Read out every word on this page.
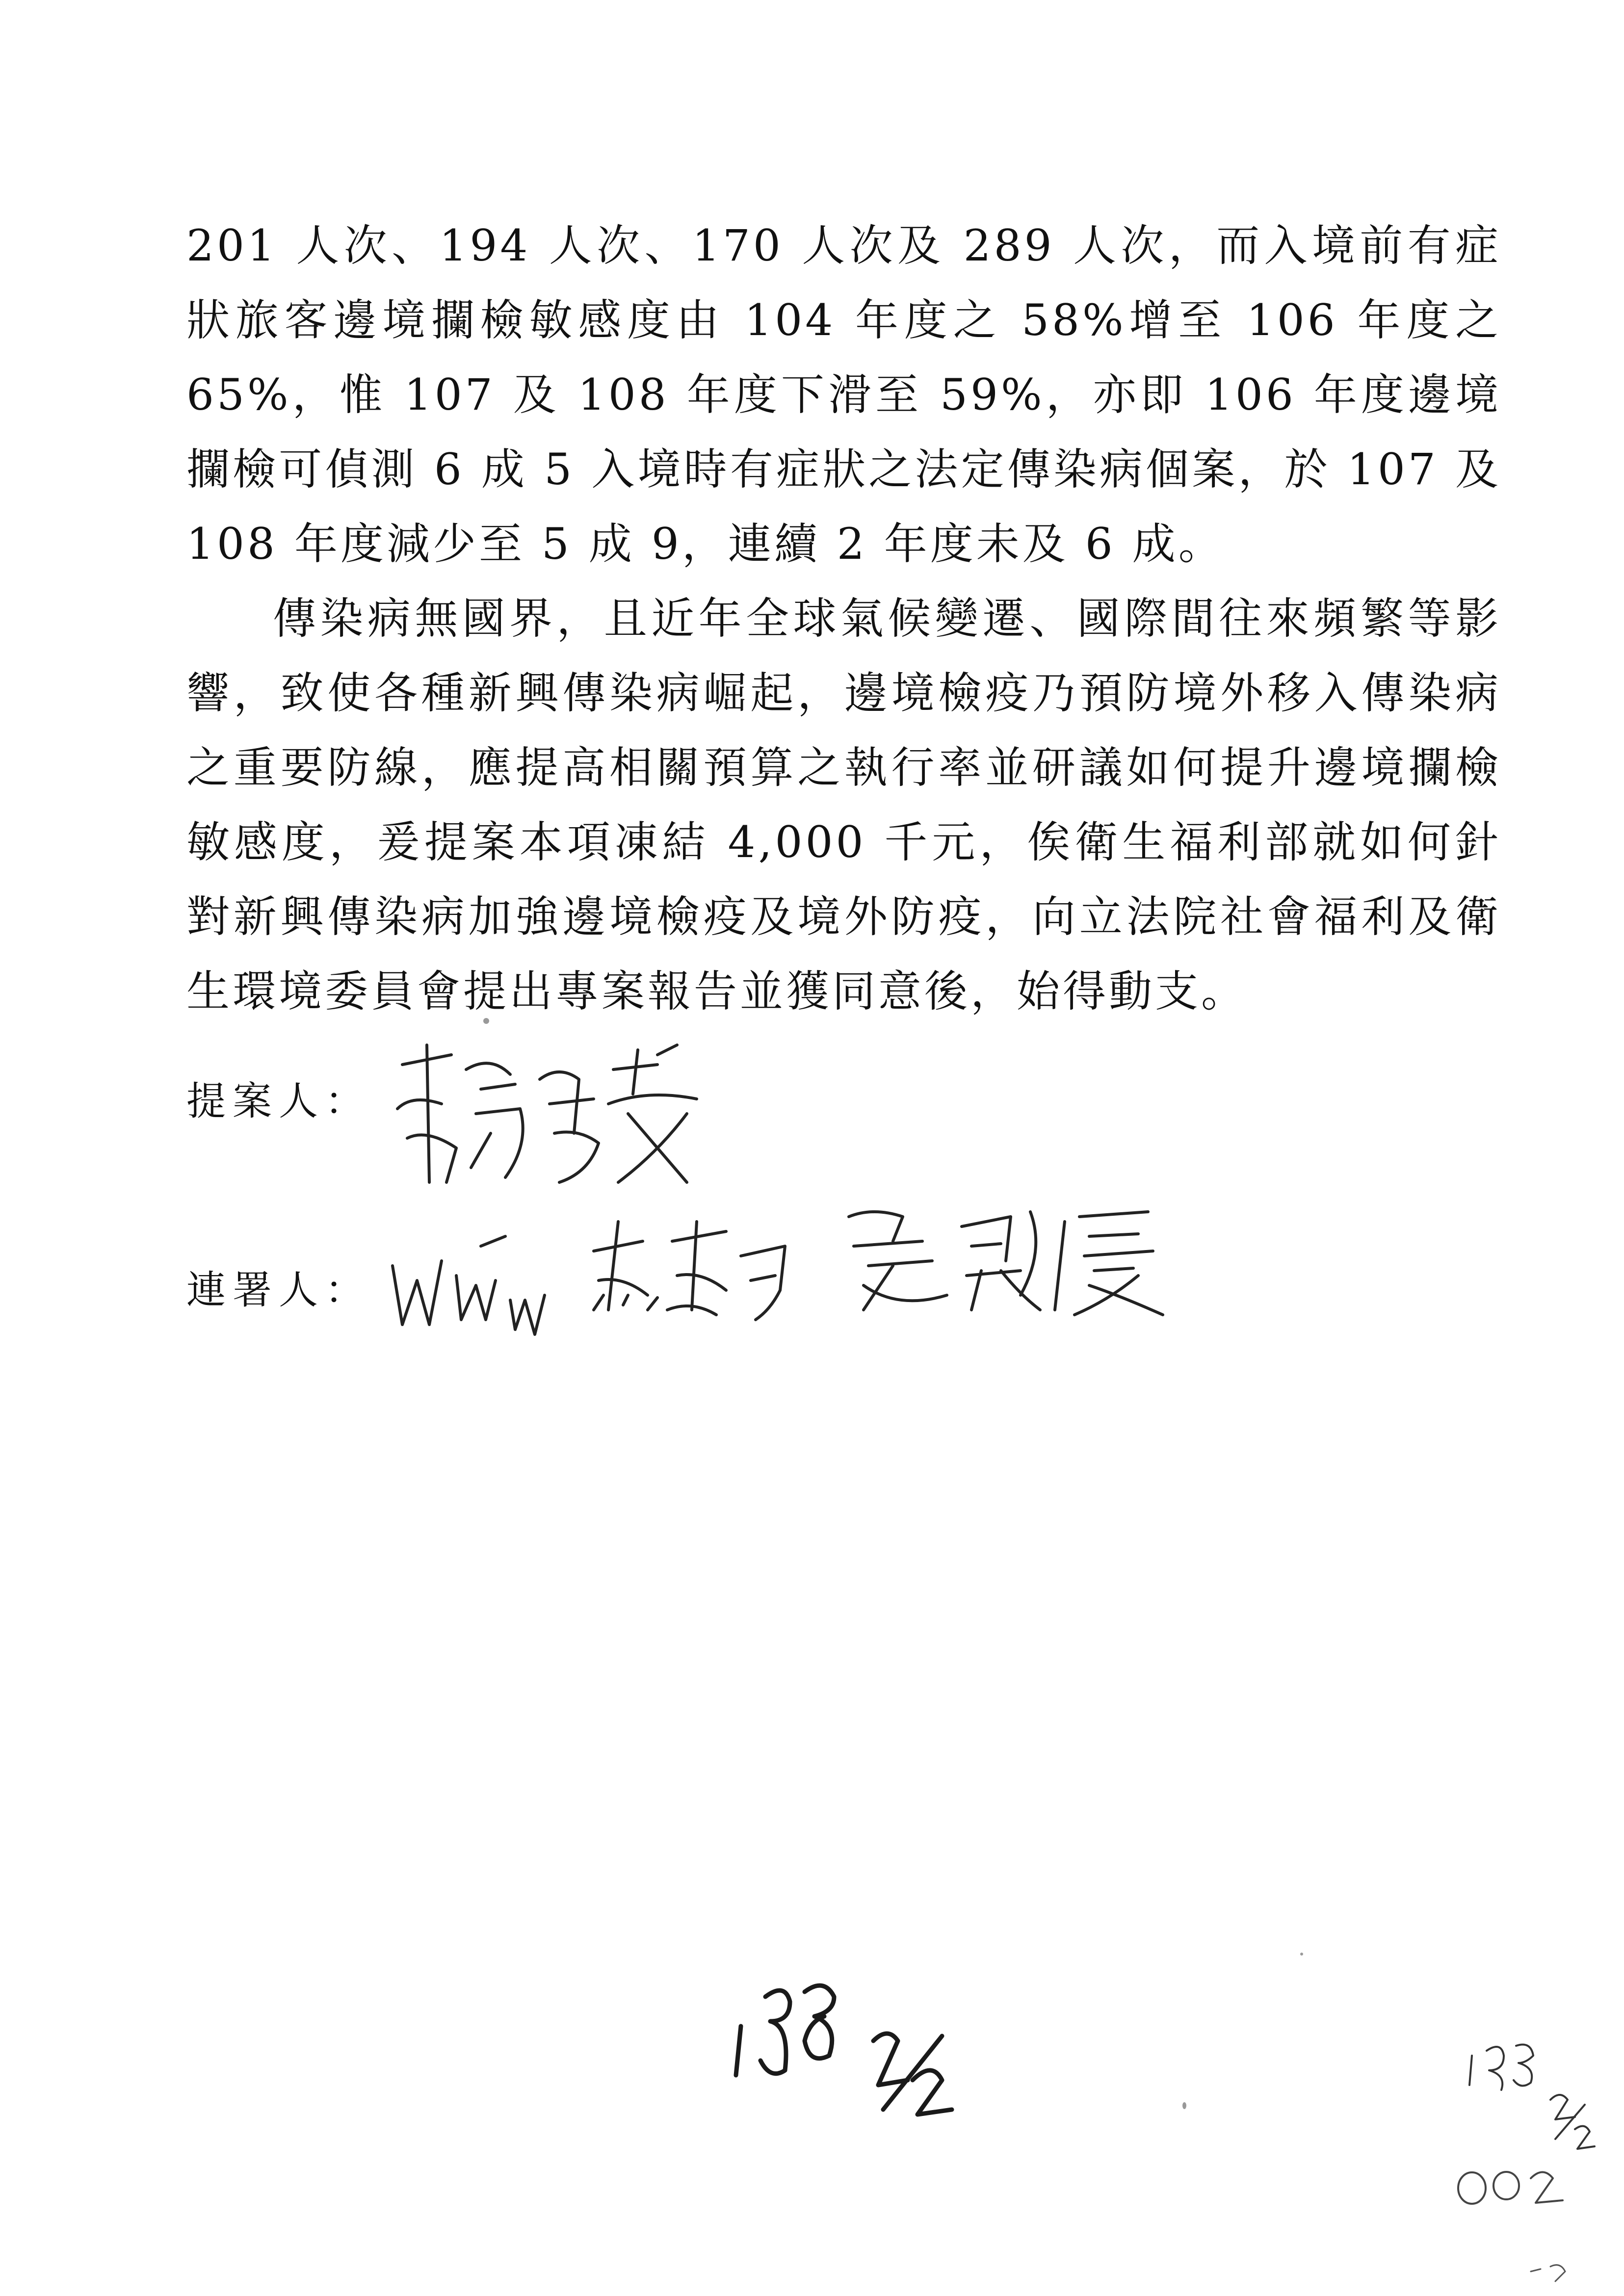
201 人次、194 人次、170 人次及 289 人次，而入境前有症狀旅客邊境攔檢敏感度由 104 年度之 58%增至 106 年度之 65%，惟 107 及 108 年度下滑至 59%，亦即 106 年度邊境攔檢可偵測 6 成 5 入境時有症狀之法定傳染病個案，於 107 及 108 年度減少至 5 成 9，連續 2 年度未及 6 成。

傳染病無國界，且近年全球氣候變遷、國際間往來頻繁等影響，致使各種新興傳染病崛起，邊境檢疫乃預防境外移入傳染病之重要防線，應提高相關預算之執行率並研議如何提升邊境攔檢敏感度，爰提案本項凍結 4,000 千元，俟衛生福利部就如何針對新興傳染病加強邊境檢疫及境外防疫，向立法院社會福利及衛生環境委員會提出專案報告並獲同意後，始得動支。

提案人：
連署人：
